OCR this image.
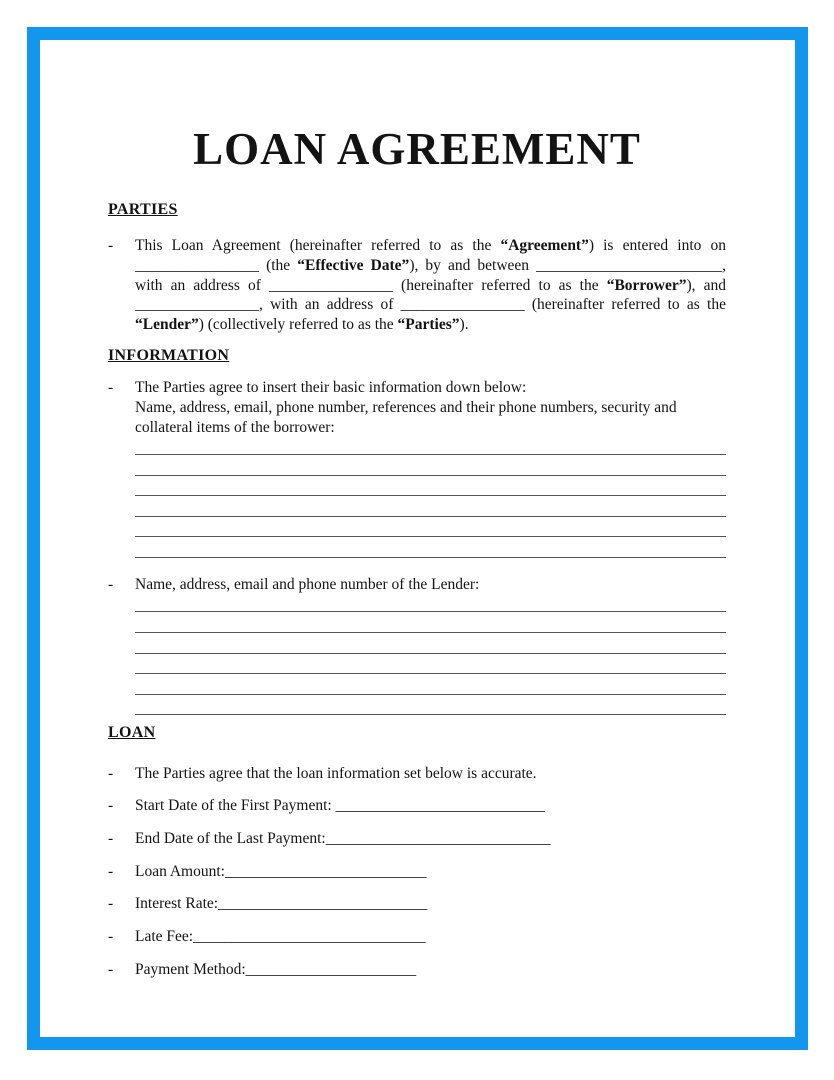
LOAN AGREEMENT
PARTIES
-	This Loan Agreement (hereinafter referred to as the “Agreement”) is entered into on ________________ (the “Effective Date”), by and between ________________________, with an address of ________________ (hereinafter referred to as the “Borrower”), and ________________, with an address of ________________ (hereinafter referred to as the “Lender”) (collectively referred to as the “Parties”).
INFORMATION
-	The Parties agree to insert their basic information down below:
Name, address, email, phone number, references and their phone numbers, security and collateral items of the borrower:
-	Name, address, email and phone number of the Lender:
LOAN
-	The Parties agree that the loan information set below is accurate.
-	Start Date of the First Payment: ___________________________
-	End Date of the Last Payment:_____________________________
-	Loan Amount:__________________________
-	Interest Rate:___________________________
-	Late Fee:______________________________
-	Payment Method:______________________
